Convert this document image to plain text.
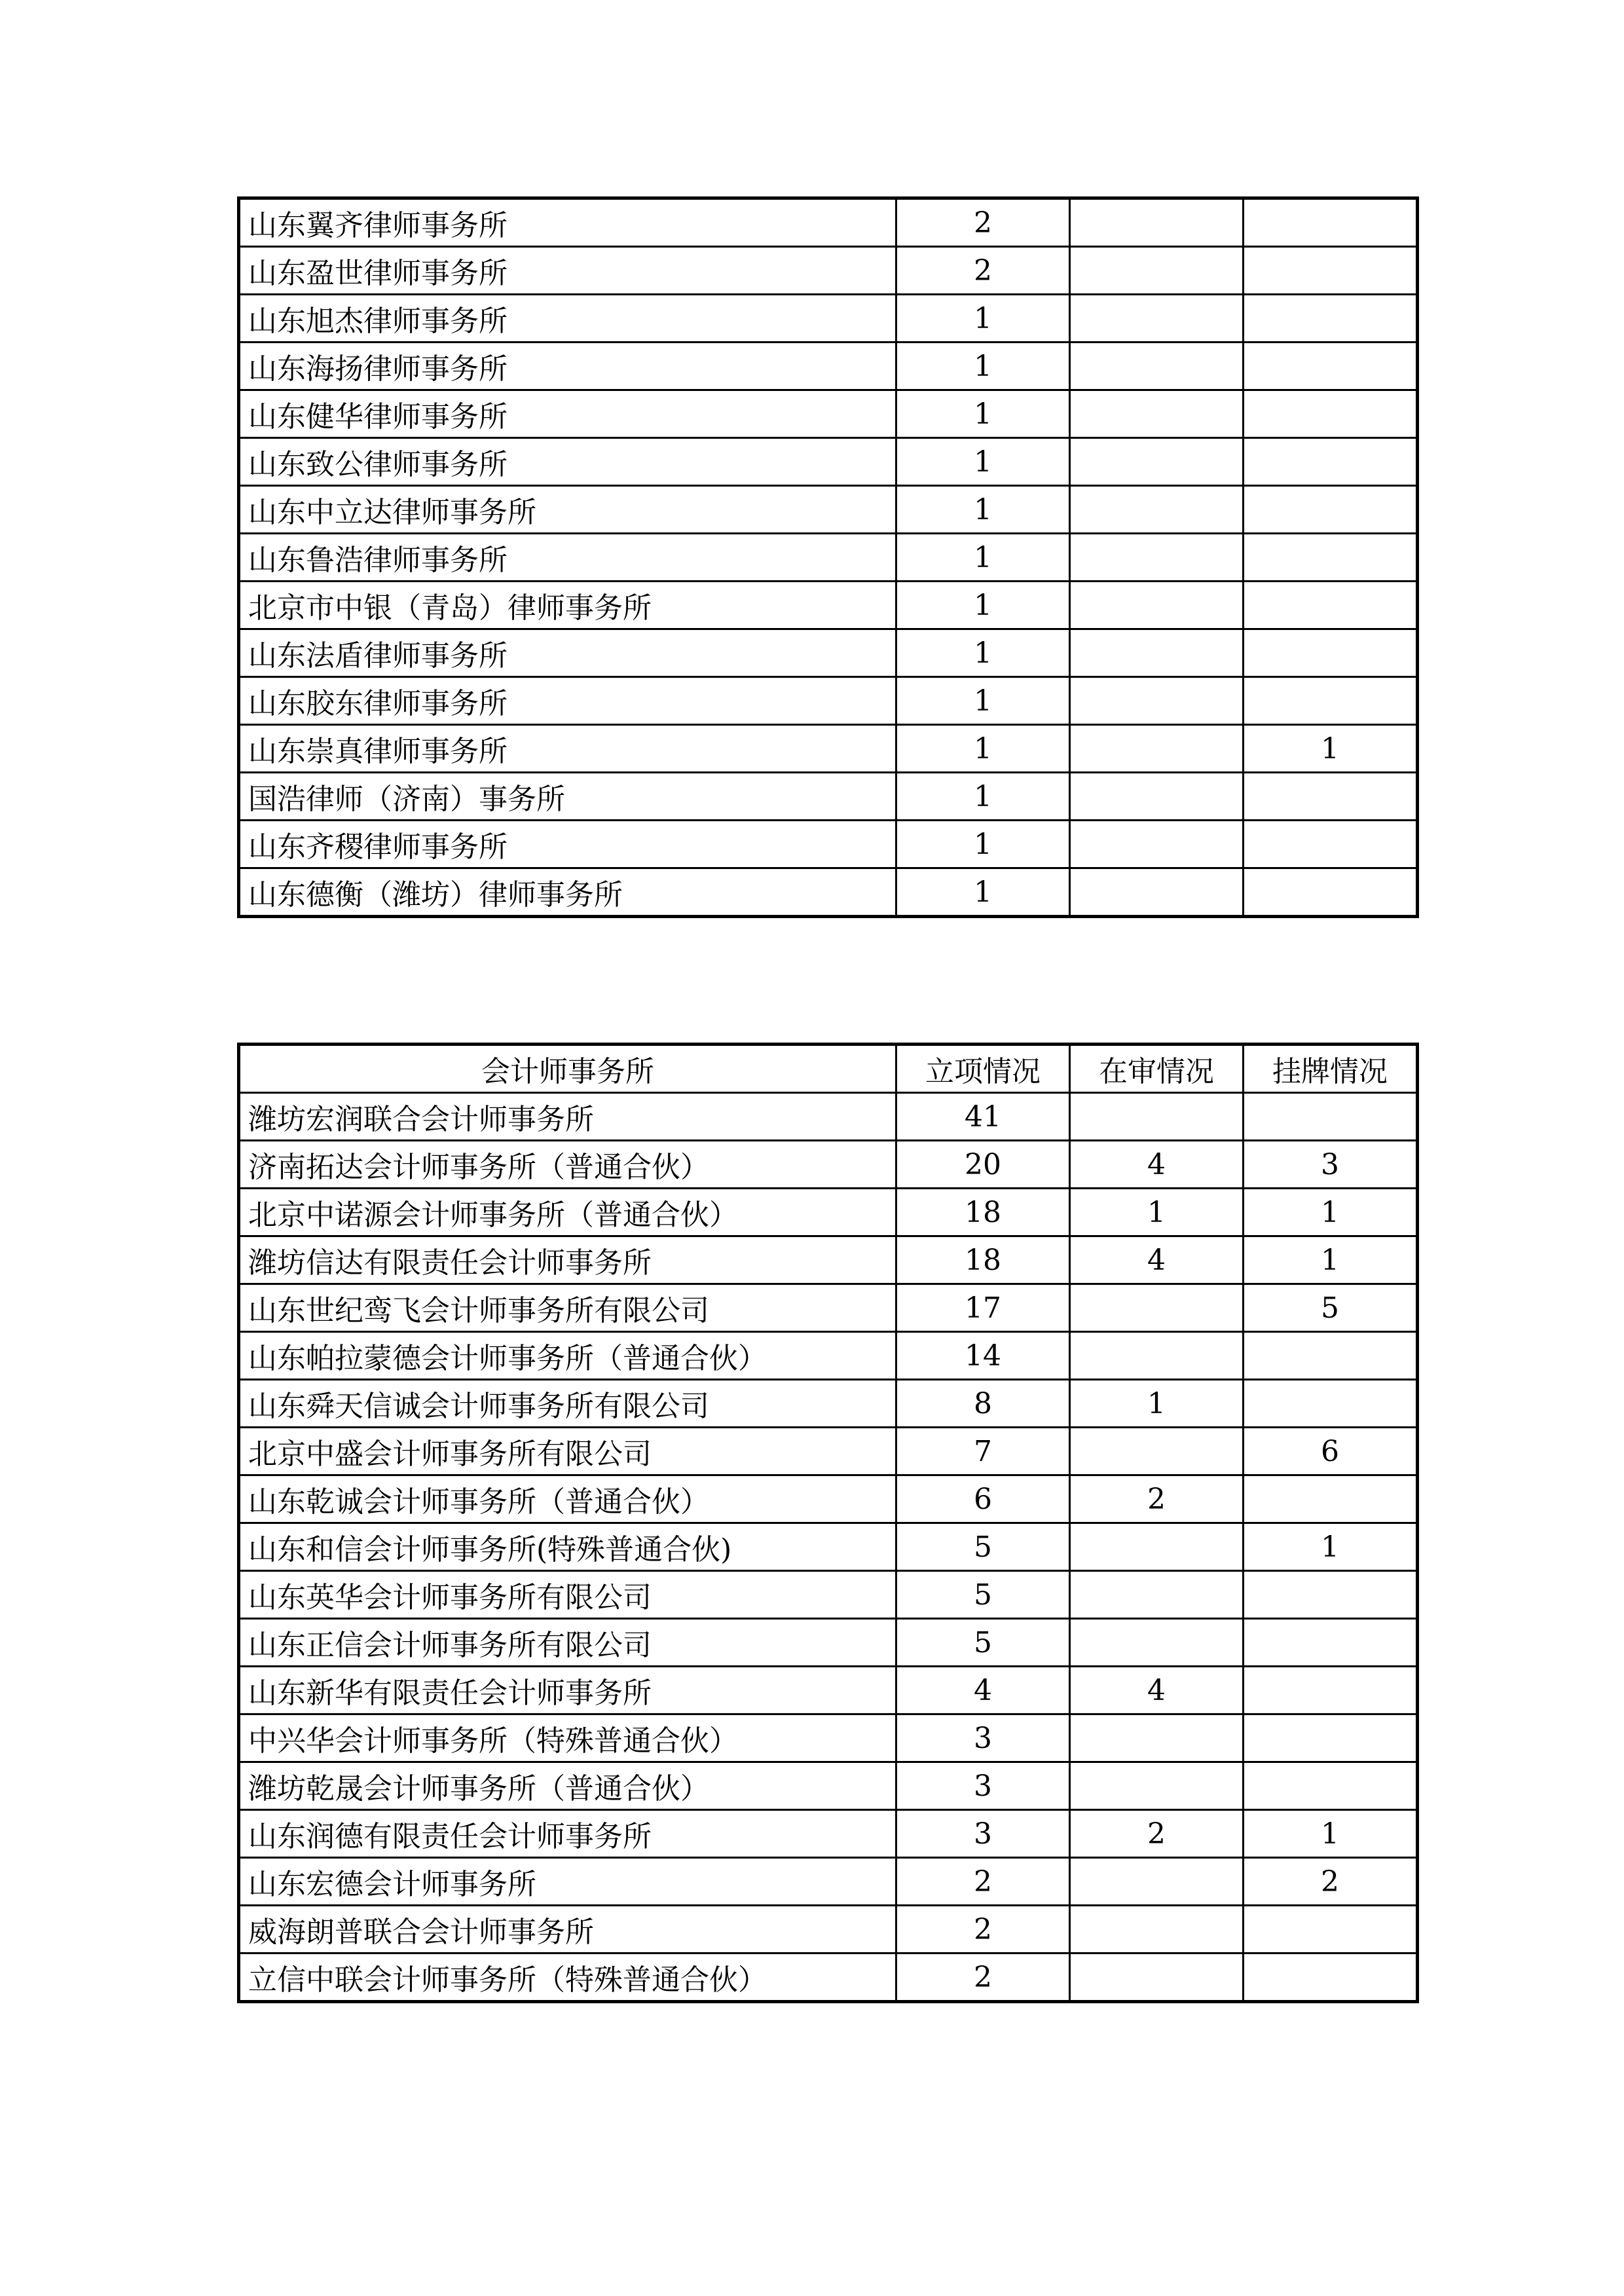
山东翼齐律师事务所	2		
山东盈世律师事务所	2		
山东旭杰律师事务所	1		
山东海扬律师事务所	1		
山东健华律师事务所	1		
山东致公律师事务所	1		
山东中立达律师事务所	1		
山东鲁浩律师事务所	1		
北京市中银（青岛）律师事务所	1		
山东法盾律师事务所	1		
山东胶东律师事务所	1		
山东崇真律师事务所	1		1
国浩律师（济南）事务所	1		
山东齐稷律师事务所	1		
山东德衡（潍坊）律师事务所	1		
会计师事务所	立项情况	在审情况	挂牌情况
潍坊宏润联合会计师事务所	41		
济南拓达会计师事务所（普通合伙）	20	4	3
北京中诺源会计师事务所（普通合伙）	18	1	1
潍坊信达有限责任会计师事务所	18	4	1
山东世纪鸾飞会计师事务所有限公司	17		5
山东帕拉蒙德会计师事务所（普通合伙）	14		
山东舜天信诚会计师事务所有限公司	8	1	
北京中盛会计师事务所有限公司	7		6
山东乾诚会计师事务所（普通合伙）	6	2	
山东和信会计师事务所(特殊普通合伙)	5		1
山东英华会计师事务所有限公司	5		
山东正信会计师事务所有限公司	5		
山东新华有限责任会计师事务所	4	4	
中兴华会计师事务所（特殊普通合伙）	3		
潍坊乾晟会计师事务所（普通合伙）	3		
山东润德有限责任会计师事务所	3	2	1
山东宏德会计师事务所	2		2
威海朗普联合会计师事务所	2		
立信中联会计师事务所（特殊普通合伙）	2		
